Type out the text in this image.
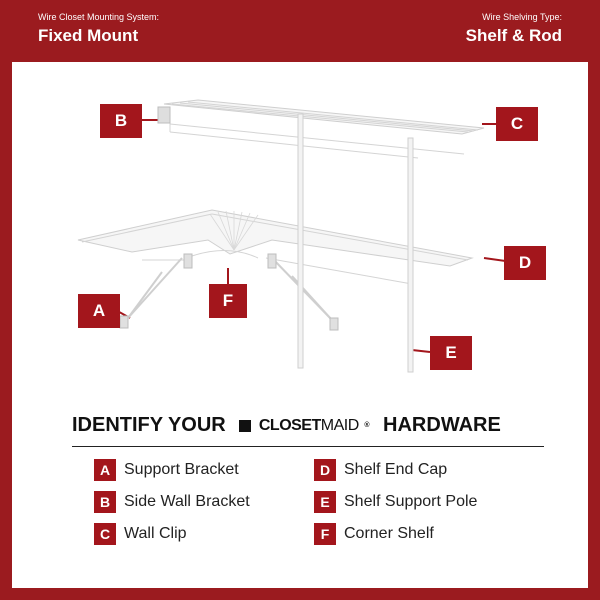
Wire Closet Mounting System:
Fixed Mount
Wire Shelving Type:
Shelf & Rod
B	C
D
F
A
E
IDENTIFY YOUR CLOSETMAID ® HARDWARE
A Support Bracket
B Side Wall Bracket
C Wall Clip
D Shelf End Cap
E Shelf Support Pole
F Corner Shelf
